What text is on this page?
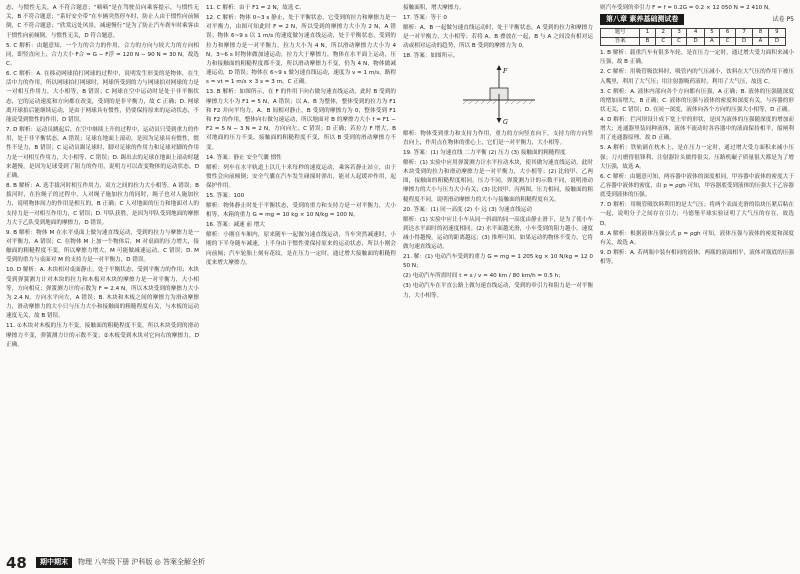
态，与惯性无关，A 不符合题意；“嘀嘀”是在驾驶员向乘客提示，与惯性无关，B 不符合题意；“系好安全带”在车辆突然停车时，防止人由于惯性向前倾倒，C 不符合题意；“欣赏远处风景，减速慢行”是为了防止汽车刹车时乘客由于惯性向前倾倒，与惯性无关，D 符合题意。

5. C 解析：由题意知，一个力的合力的作用，合力的方向与较大力的方向相同，即竖直向上，合力大小 F合 = G − F浮 = 120 N − 90 N = 30 N，故选 C。

6. C 解析：A. 在移动网球拍打网球的过程中，说明发生形变的是物体，在生活中力的作用，所以网球拍打网球时，网球所受到的力与网球拍对网球的力是一对相互作用力，大小相等，B 错误；C 网球在空中运动时是处于非平衡状态，它的运动速度和方向都在改变，受到的是非平衡力，故 C 正确；D. 网球离开球拍后能继续运动，是由于网球具有惯性，仍要保持原来的运动状态，不能说受到惯性的作用，D 错误。

7. D 解析：运动员跳起后，在空中继续上升的过程中，运动员只受到重力的作用，处于非平衡状态，A 错误；足球在地面上滚动，是因为足球具有惯性，惯性不是力，B 错误；C 运动员踢足球时，脚对足球的作用力和足球对脚的作用力是一对相互作用力，大小相等，C 错误；D. 踢出去的足球在地面上滚动时越来越慢，是因为足球受到了阻力的作用，说明力可以改变物体的运动状态，D 正确。

8. B 解析：A. 选手拔河时相互作用力，双方之间的拉力大小相等，A 错误；B 拔河时，在拉绳子的过程中，人对绳子施加拉力的同时，绳子也对人施加拉力，说明物体间力的作用是相互的，B 正确；C 人对地面的压力和地面对人的支持力是一对相互作用力，C 错误；D. 甲队获胜，是因为甲队受到地面的摩擦力大于乙队受到地面的摩擦力，D 错误。

9. B 解析：物体 M 在水平桌面上做匀速直线运动，受到的拉力与摩擦力是一对平衡力，A 错误；C. 在物体 M 上加一个物体后，M 对桌面的压力增大，接触面的粗糙程度不变，所以摩擦力增大，M 可能做减速运动，C 错误；D. M 受到的重力与桌面对 M 的支持力是一对平衡力，D 错误。

10. D 解析：A. 木块相对桌面静止，处于平衡状态，受到平衡力的作用；木块受到弹簧测力计对木块的拉力和木板对木块的摩擦力是一对平衡力，大小相等，方向相反；弹簧测力计的示数为 F = 2.4 N，所以木块受到的摩擦力大小为 2.4 N，方向水平向左，A 错误；B. 木块和木板之间的摩擦力为滑动摩擦力，滑动摩擦力的大小只与压力大小和接触面的粗糙程度有关，与木板的运动速度无关，故 B 错误。

11. ①木块对木板的压力不变，接触面的粗糙程度不变，所以木块受到的滑动摩擦力不变，弹簧测力计的示数不变；②木板受到木块对它向右的摩擦力，D 正确。

11. C 解析：由于 F1 = 2 N，故选 C。

12. C 解析：物体 0~3 s 静止，处于平衡状态，它受到的拉力和摩擦力是一对平衡力，由图可知此时 F = 2 N，所以受到的摩擦力大小为 2 N，A 错误；物体 6~9 s 以 1 m/s 的速度做匀速直线运动，处于平衡状态，受到的拉力和摩擦力是一对平衡力，拉力大小为 4 N，所以滑动摩擦力大小为 4 N，3~6 s 时物体做加速运动，拉力大于摩擦力，物体在水平面上运动，压力和接触面的粗糙程度都不变，所以滑动摩擦力不变，仍为 4 N，物体做减速运动，D 错误；物体在 6~9 s 做匀速直线运动，速度为 v = 1 m/s，路程 s = vt = 1 m/s × 3 s = 3 m，C 正确。

13. B 解析：如图所示，在 F 的作用下向右做匀速直线运动，此时 B 受到的摩擦力大小为 F1 = 5 N，A 错误；以 A、B 为整体，整体受到的拉力为 F1 和 F2 并向平均力，A、B 间相对静止，B 受到的摩擦力为 0，整体受到 F1 和 F2 的作用，整体向右做匀速运动，所以地面对 B 的摩擦力大小 f = F1 − F2 = 5 N − 3 N = 2 N，方向向左，C 错误；D 正确；若拉力 F 增大，B 对地面的压力不变，接触面的粗糙程度不变，所以 B 受到的滑动摩擦力不变。

14. 答案：静止 安全气囊 惯性

解析：列车在水平轨道上以几十米每秒的速度运动，乘客若静止站立，由于惯性会向前倾倒；安全气囊在汽车发生碰撞时弹出，能对人起缓冲作用，起保护作用。

15. 答案：100

解析：物体静止时处于平衡状态，受到的重力和支持力是一对平衡力，大小相等，木箱的重力 G = mg = 10 kg × 10 N/kg = 100 N。

16. 答案：减速 前 增大

解析：小刚在车厢内，原来随车一起做匀速直线运动，当车突然减速时，小刚的下半身随车减速，上半身由于惯性要保持原来的运动状态，所以小刚会向前倾；汽车轮胎上刻有花纹，是在压力一定时，通过增大接触面的粗糙程度来增大摩擦力。

接触面积，增大摩擦力。

17. 答案：等于 0

解析：A、B 一起做匀速直线运动时，处于平衡状态，A 受到的拉力和摩擦力是一对平衡力，大小相等；若将 A、B 叠放在一起，B 与 A 之间没有相对运动或相对运动的趋势，所以 B 受到的摩擦力为 0。

18. 答案：如图所示。

F
G

解析：物体受到重力和支持力作用，重力的方向竖直向下，支持力的方向竖直向上，作用点在物体的重心上，它们是一对平衡力，大小相等。

19. 答案：(1) 匀速直线 二力平衡 (2) 压力 (3) 接触面的粗糙程度

解析：(1) 实验中应用弹簧测力计水平拉动木块，使其做匀速直线运动，此时木块受到的拉力和滑动摩擦力是一对平衡力，大小相等；(2) 比较甲、乙两图，接触面的粗糙程度相同，压力不同，弹簧测力计的示数不同，说明滑动摩擦力的大小与压力大小有关；(3) 比较甲、丙两图，压力相同，接触面的粗糙程度不同，说明滑动摩擦力的大小与接触面的粗糙程度有关。

20. 答案：(1) 同一高度 (2) 小 远 (3) 匀速直线运动

解析：(1) 实验中应让小车从同一斜面的同一高度由静止滑下，是为了使小车到达水平面时的初速度相同；(2) 水平面越光滑，小车受到的阻力越小，速度减小得越慢，运动的距离越远；(3) 推理可知，如果运动的物体不受力，它将做匀速直线运动。

21. 解：(1) 电动汽车受到的重力 G = mg = 1 205 kg × 10 N/kg = 12 050 N；

(2) 电动汽车所需时间 t = s / v = 40 km / 80 km/h = 0.5 h；

(3) 电动汽车在平直公路上做匀速直线运动，受到的牵引力和阻力是一对平衡力，大小相等。

则汽车受到的牵引力 F = f = 0.2G = 0.2 × 12 050 N = 2 410 N。

第八章 素养基础测试卷	试卷 P5
题号	1	2	3	4	5	6	7	8	9
答案	B	C	C	D	A	C	D	A	D

1. B 解析：载重汽车有很多车轮，是在压力一定时，通过增大受力面积来减小压强，故 B 正确。

2. C 解析：用吸管吸饮料时，吸管内的气压减小，饮料在大气压的作用下被压入嘴里，利用了大气压；用注射器吸药液时，利用了大气压，故选 C。

3. C 解析：A. 液体内部向各个方向都有压强，A 正确；B. 液体的压强随深度的增加而增大，B 正确；C. 液体的压强与液体的密度和深度有关，与容器的形状无关，C 错误；D. 在同一深度，液体向各个方向的压强大小相等，D 正确。

4. D 解析：拦河坝设计成下宽上窄的形状，是因为液体的压强随深度的增加而增大；连通器里装同种液体，液体不流动时各容器中的液面保持相平，船闸利用了连通器原理，故 D 正确。

5. A 解析：铁轨铺在枕木上，是在压力一定时，通过增大受力面积来减小压强；刀刃磨得很锋利、注射器针头做得很尖、压路机碾子质量很大都是为了增大压强，故选 A。

6. C 解析：由题意可知，两容器中液体的深度相同，甲容器中液体的密度大于乙容器中液体的密度，由 p = ρgh 可知，甲容器底受到液体的压强大于乙容器底受到液体的压强。

7. D 解析：用吸管吸饮料利用的是大气压；将两个表面光滑的铅块压紧后粘在一起，说明分子之间存在引力；马德堡半球实验证明了大气压的存在，故选 D。

8. A 解析：根据液体压强公式 p = ρgh 可知，液体压强与液体的密度和深度有关，故选 A。

9. D 解析：A. 若两瓶中装有相同的液体，两瓶的液面相平，液体对瓶底的压强相等。

48	期中期末	物理 八年级下册 沪科版 ◎ 答案全解全析
